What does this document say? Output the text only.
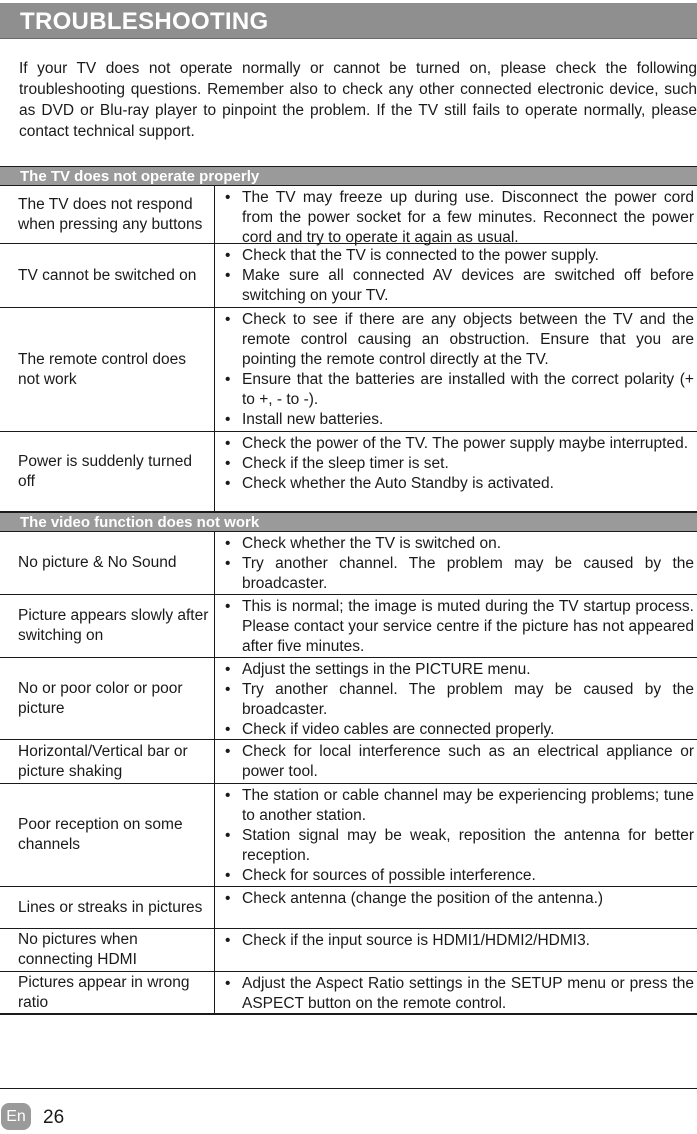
TROUBLESHOOTING

If your TV does not operate normally or cannot be turned on, please check the following troubleshooting questions. Remember also to check any other connected electronic device, such as DVD or Blu-ray player to pinpoint the problem. If the TV still fails to operate normally, please contact technical support.

The TV does not operate properly
The TV does not respond when pressing any buttons
• The TV may freeze up during use. Disconnect the power cord from the power socket for a few minutes. Reconnect the power cord and try to operate it again as usual.
TV cannot be switched on
• Check that the TV is connected to the power supply.
• Make sure all connected AV devices are switched off before switching on your TV.
The remote control does not work
• Check to see if there are any objects between the TV and the remote control causing an obstruction. Ensure that you are pointing the remote control directly at the TV.
• Ensure that the batteries are installed with the correct polarity (+ to +, - to -).
• Install new batteries.
Power is suddenly turned off
• Check the power of the TV. The power supply maybe interrupted.
• Check if the sleep timer is set.
• Check whether the Auto Standby is activated.
The video function does not work
No picture & No Sound
• Check whether the TV is switched on.
• Try another channel. The problem may be caused by the broadcaster.
Picture appears slowly after switching on
• This is normal; the image is muted during the TV startup process. Please contact your service centre if the picture has not appeared after five minutes.
No or poor color or poor picture
• Adjust the settings in the PICTURE menu.
• Try another channel. The problem may be caused by the broadcaster.
• Check if video cables are connected properly.
Horizontal/Vertical bar or picture shaking
• Check for local interference such as an electrical appliance or power tool.
Poor reception on some channels
• The station or cable channel may be experiencing problems; tune to another station.
• Station signal may be weak, reposition the antenna for better reception.
• Check for sources of possible interference.
Lines or streaks in pictures • Check antenna (change the position of the antenna.)
No pictures when connecting HDMI
• Check if the input source is HDMI1/HDMI2/HDMI3.
Pictures appear in wrong ratio
• Adjust the Aspect Ratio settings in the SETUP menu or press the ASPECT button on the remote control.
En 26
